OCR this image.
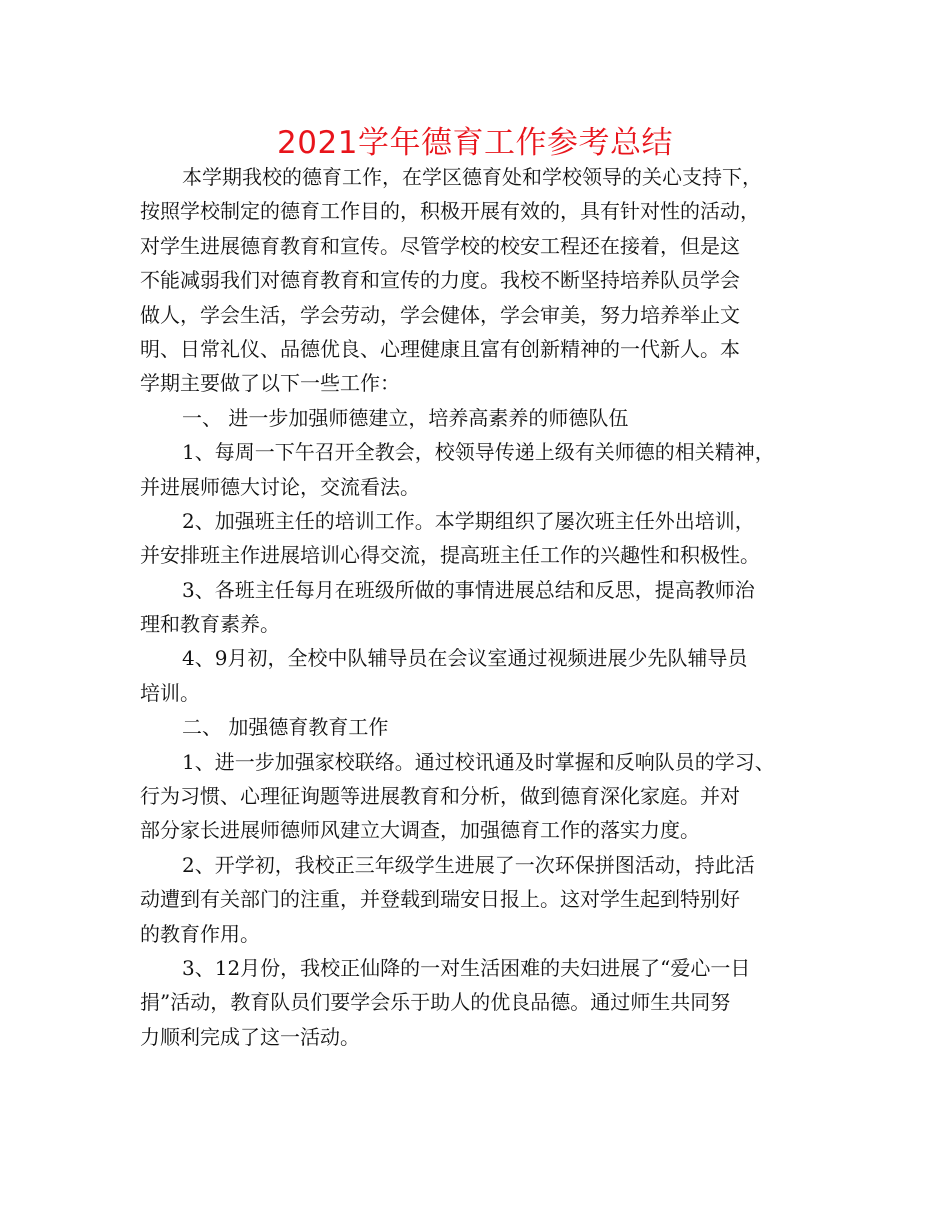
2021学年德育工作参考总结
本学期我校的德育工作，在学区德育处和学校领导的关心支持下，
按照学校制定的德育工作目的，积极开展有效的，具有针对性的活动，
对学生进展德育教育和宣传。尽管学校的校安工程还在接着，但是这
不能减弱我们对德育教育和宣传的力度。我校不断坚持培养队员学会
做人，学会生活，学会劳动，学会健体，学会审美，努力培养举止文
明、日常礼仪、品德优良、心理健康且富有创新精神的一代新人。本
学期主要做了以下一些工作：
一、 进一步加强师德建立，培养高素养的师德队伍
1、每周一下午召开全教会，校领导传递上级有关师德的相关精神，
并进展师德大讨论，交流看法。
2、加强班主任的培训工作。本学期组织了屡次班主任外出培训，
并安排班主作进展培训心得交流，提高班主任工作的兴趣性和积极性。
3、各班主任每月在班级所做的事情进展总结和反思，提高教师治
理和教育素养。
4、9月初，全校中队辅导员在会议室通过视频进展少先队辅导员
培训。
二、 加强德育教育工作
1、进一步加强家校联络。通过校讯通及时掌握和反响队员的学习、
行为习惯、心理征询题等进展教育和分析，做到德育深化家庭。并对
部分家长进展师德师风建立大调查，加强德育工作的落实力度。
2、开学初，我校正三年级学生进展了一次环保拼图活动，持此活
动遭到有关部门的注重，并登载到瑞安日报上。这对学生起到特别好
的教育作用。
3、12月份，我校正仙降的一对生活困难的夫妇进展了“爱心一日
捐”活动，教育队员们要学会乐于助人的优良品德。通过师生共同努
力顺利完成了这一活动。
